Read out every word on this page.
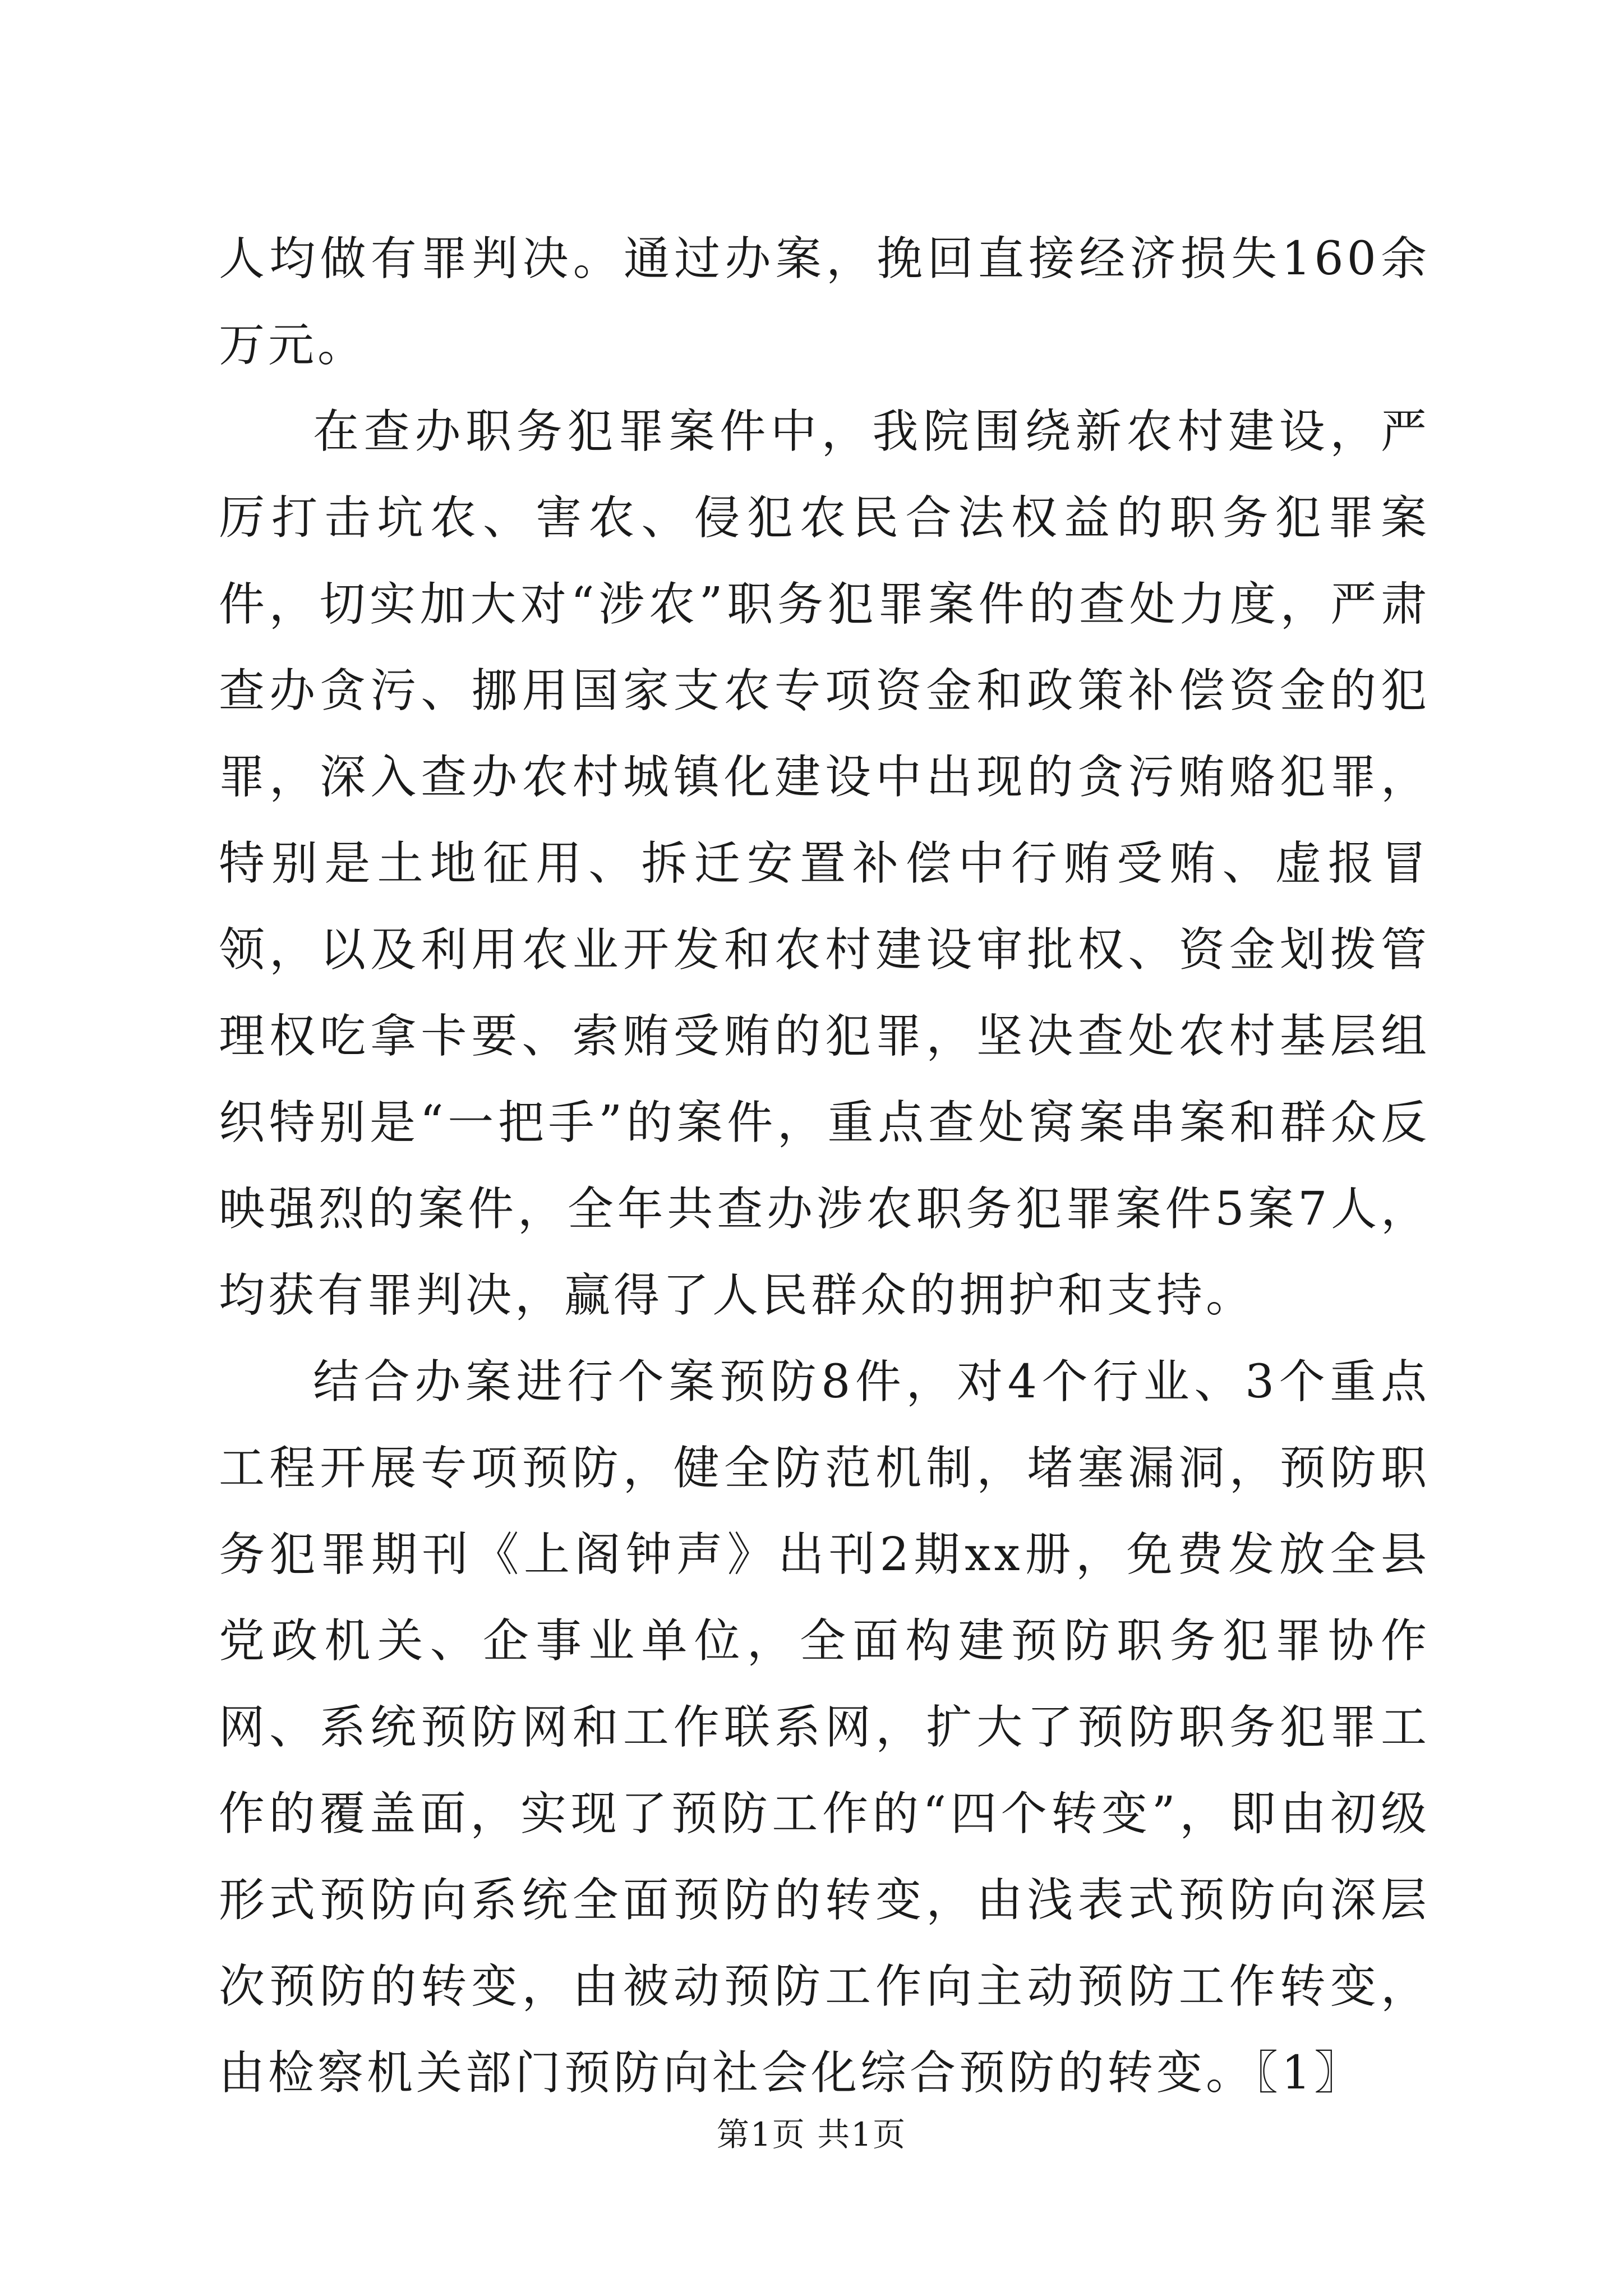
人均做有罪判决。通过办案，挽回直接经济损失160余万元。

在查办职务犯罪案件中，我院围绕新农村建设，严厉打击坑农、害农、侵犯农民合法权益的职务犯罪案件，切实加大对“涉农”职务犯罪案件的查处力度，严肃查办贪污、挪用国家支农专项资金和政策补偿资金的犯罪，深入查办农村城镇化建设中出现的贪污贿赂犯罪，特别是土地征用、拆迁安置补偿中行贿受贿、虚报冒领，以及利用农业开发和农村建设审批权、资金划拨管理权吃拿卡要、索贿受贿的犯罪，坚决查处农村基层组织特别是“一把手”的案件，重点查处窝案串案和群众反映强烈的案件，全年共查办涉农职务犯罪案件5案7人，均获有罪判决，赢得了人民群众的拥护和支持。

结合办案进行个案预防8件，对4个行业、3个重点工程开展专项预防，健全防范机制，堵塞漏洞，预防职务犯罪期刊《上阁钟声》出刊2期xx册，免费发放全县党政机关、企事业单位，全面构建预防职务犯罪协作网、系统预防网和工作联系网，扩大了预防职务犯罪工作的覆盖面，实现了预防工作的“四个转变”，即由初级形式预防向系统全面预防的转变，由浅表式预防向深层次预防的转变，由被动预防工作向主动预防工作转变，由检察机关部门预防向社会化综合预防的转变。〖1〗

第1页 共1页
